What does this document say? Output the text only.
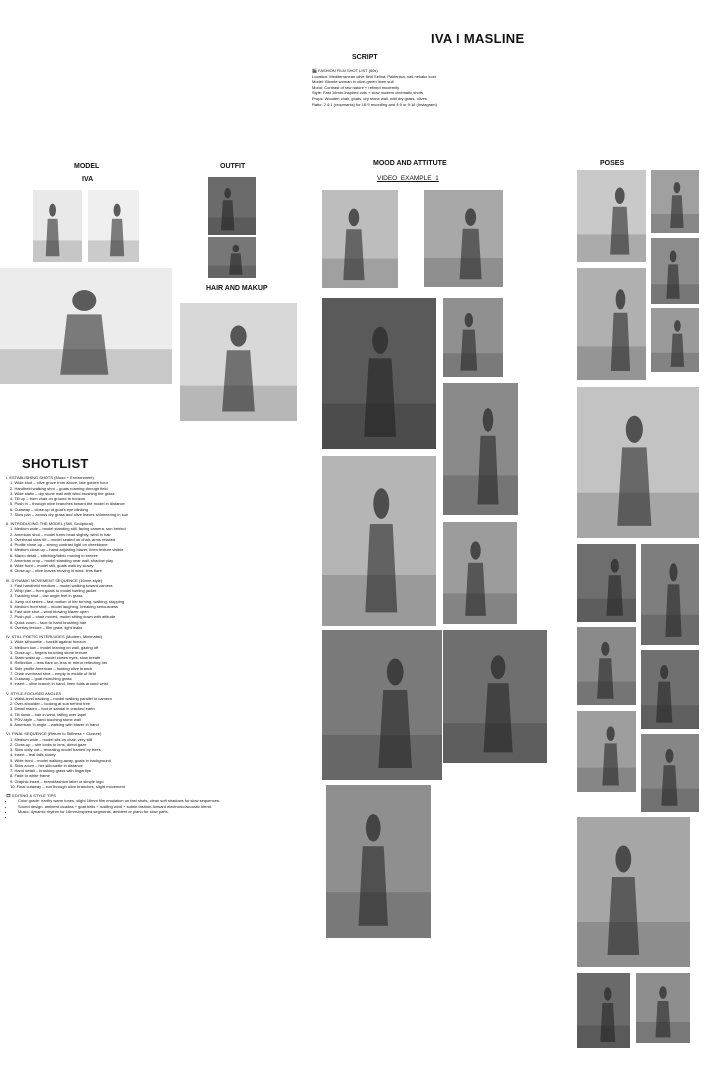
IVA I MASLINE
SCRIPT
🎬 FASHION FILM SHOT LIST (60s)
Location: Mediterranean olive field Selina, Paklenica, naš nekako kost
Model: Blonde woman in olive-green linen suit
Mood: Contrast of raw nature + refined modernity
Style: Fast 16mm-inspired cuts + slow modern cinematic shots
Props: Wooden chair, goats, dry stone wall, wild dry grass, olives
Ratio: 2.4:1 (cropmarks) for 16:9 recording and 4:5 or 9:16 (Instagram)
MODEL
IVA
OUTFIT
HAIR AND MAKUP
MOOD AND ATTITUTE
VIDEO_EXAMPLE_1
POSES
SHOTLIST
I. ESTABLISHING SHOTS (Mood + Environment)
1. Wide shot – olive grove from above, late golden hour
2. Handheld walking shot – goats roaming through field
3. Wide static – dry stone wall with wind brushing the grass
4. Tilt up – from chair on ground to horizon
5. Push in – through olive branches toward the model in distance
6. Cutaway – close-up of goat's eye blinking
7. Slow pan – across dry grass and olive leaves shimmering in sun
II. INTRODUCING THE MODEL (Still, Sculptural)
1. Medium wide – model standing still, facing camera, sun behind
2. American shot – model turns head slightly, wind in hair
3. Overhead slow tilt – model seated on chair, arms relaxed
4. Profile close-up – strong contrast light on cheekbone
5. Medium close-up – hand adjusting blazer, linen texture visible
6. Macro detail – stitching/fabric moving in breeze
7. American crop – model standing near wall, shadow play
8. Wide front – model still, goats walk by slowly
9. Close-up – olive leaves moving in wind, lens flare
III. DYNAMIC MOVEMENT SEQUENCE (16mm-style)
1. Fast handheld medium – model walking toward camera
2. Whip pan – from goats to model twirling jacket
3. Tracking shot – low angle feet in grass
4. Jump cut series – fast motion of her turning, walking, stopping
5. Medium front shot – model laughing, breaking seriousness
6. Fast side shot – wind blowing blazer open
7. Push-pull – chair moved, model sitting down with attitude
8. Quick zoom – face to hand brushing hair
9. Overlay texture – film grain, light leaks
IV. STILL POETIC INTERLUDES (Modern, Minimalist)
1. Wide silhouette – backlit against horizon
2. Medium low – model leaning on wall, gazing off
3. Close-up – fingers touching stone texture
4. Static waist up – model closes eyes, slow breath
5. Reflection – lens flare on lens or mirror reflecting her
6. Side profile American – holding olive branch
7. Chair overhead shot – empty in middle of field
8. Cutaway – goat munching grass
9. Insert – olive branch in hand, linen folds around wrist
V. STYLE-FOCUSED ANGLES
1. Waist-level tracking – model walking parallel to camera
2. Over-shoulder – looking at sun behind tree
3. Detail macro – foot in sandal in cracked earth
4. Tilt down – hair in wind, falling over lapel
5. POV-style – hand touching stone wall
6. American ¾ angle – walking with blazer in hand
VI. FINAL SEQUENCE (Return to Stillness + Closure)
1. Medium wide – model sits on chair, very still
2. Close-up – she looks to lens, direct gaze
3. Slow dolly out – revealing model framed by trees
4. Insert – leaf falls slowly
5. Wide front – model walking away, goats in background
6. Slow zoom – her silhouette in distance
7. Hand detail – brushing grass with fingertips
8. Fade to white frame
9. Graphic insert – brand/fashion label or simple logo
10. Final cutaway – sun through olive branches, slight movement
🎞 EDITING & STYLE TIPS
• Color grade: earthy warm tones, slight 16mm film emulation on fast shots, clean soft shadows for slow sequences.
• Sound design: ambient cicadas + goat bells + rustling wind + subtle fashion-forward electronic/acoustic blend.
• Music: dynamic rhythm for 16mm-inspired segments, ambient or piano for slow parts.
•
